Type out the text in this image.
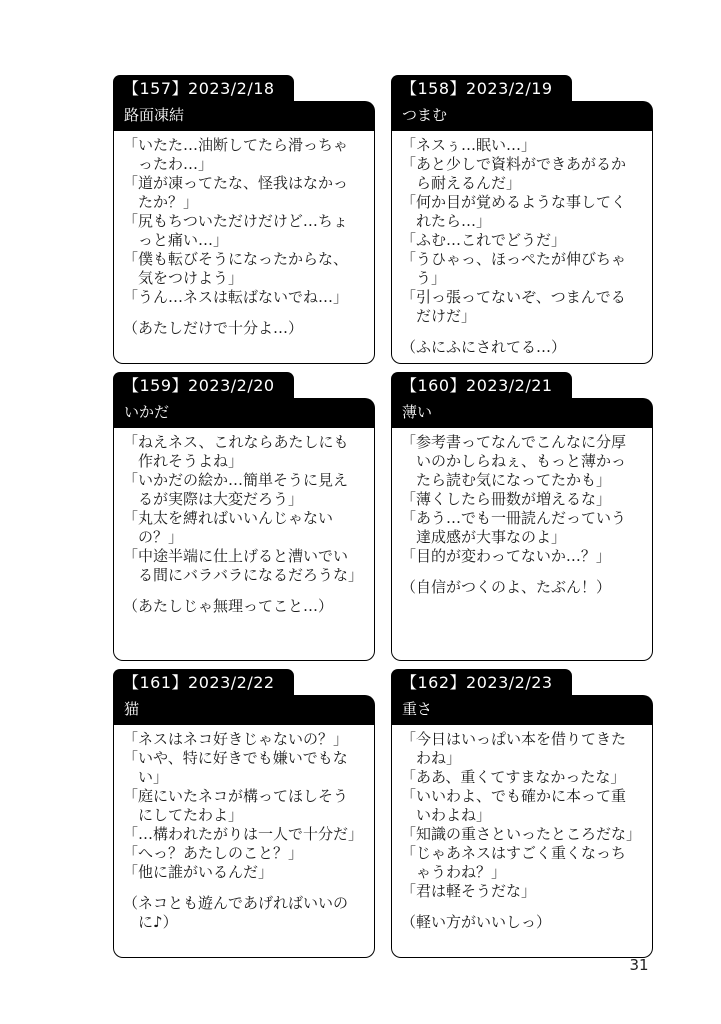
【157】2023/2/18
路面凍結
「いたた…油断してたら滑っちゃったわ…」
「道が凍ってたな、怪我はなかったか？」
「尻もちついただけだけど…ちょっと痛い…」
「僕も転びそうになったからな、気をつけよう」
「うん…ネスは転ばないでね…」
（あたしだけで十分よ…）
【158】2023/2/19
つまむ
「ネスぅ…眠い…」
「あと少しで資料ができあがるから耐えるんだ」
「何か目が覚めるような事してくれたら…」
「ふむ…これでどうだ」
「うひゃっ、ほっぺたが伸びちゃう」
「引っ張ってないぞ、つまんでるだけだ」
（ふにふにされてる…）
【159】2023/2/20
いかだ
「ねえネス、これならあたしにも作れそうよね」
「いかだの絵か…簡単そうに見えるが実際は大変だろう」
「丸太を縛ればいいんじゃないの？」
「中途半端に仕上げると漕いでいる間にバラバラになるだろうな」
（あたしじゃ無理ってこと…）
【160】2023/2/21
薄い
「参考書ってなんでこんなに分厚いのかしらねぇ、もっと薄かったら読む気になってたかも」
「薄くしたら冊数が増えるな」
「あう…でも一冊読んだっていう達成感が大事なのよ」
「目的が変わってないか…？」
（自信がつくのよ、たぶん！）
【161】2023/2/22
猫
「ネスはネコ好きじゃないの？」
「いや、特に好きでも嫌いでもない」
「庭にいたネコが構ってほしそうにしてたわよ」
「…構われたがりは一人で十分だ」
「へっ？あたしのこと？」
「他に誰がいるんだ」
（ネコとも遊んであげればいいのに♪）
【162】2023/2/23
重さ
「今日はいっぱい本を借りてきたわね」
「ああ、重くてすまなかったな」
「いいわよ、でも確かに本って重いわよね」
「知識の重さといったところだな」
「じゃあネスはすごく重くなっちゃうわね？」
「君は軽そうだな」
（軽い方がいいしっ）
31
